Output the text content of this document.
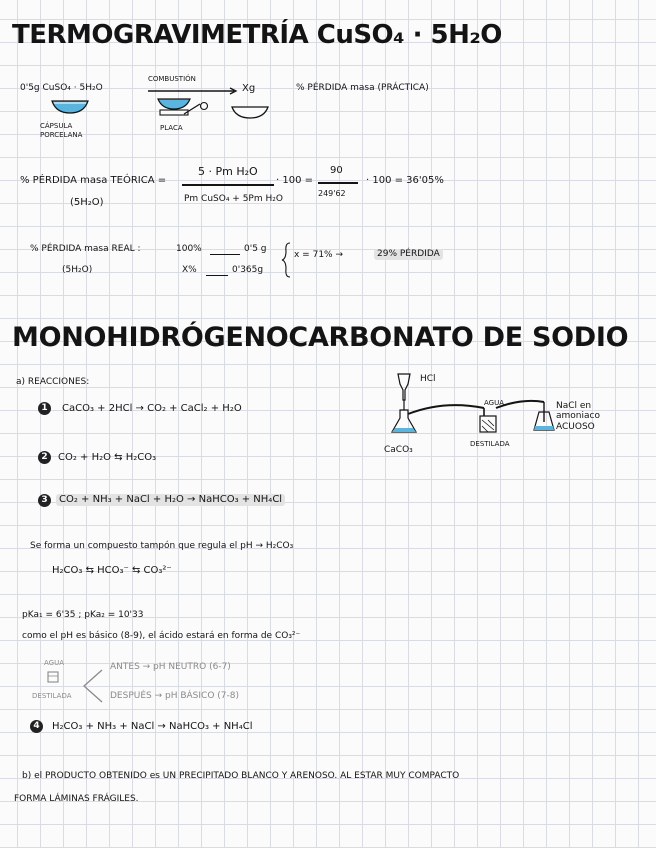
TERMOGRAVIMETRÍA CuSO₄ · 5H₂O
0'5g CuSO₄ · 5H₂O
COMBUSTIÓN
Xg	% PÉRDIDA masa (PRÁCTICA)
CÁPSULA PORCELANA
PLACA
% PÉRDIDA masa TEÓRICA =
(5H₂O)
5 · Pm H₂O
Pm CuSO₄ + 5Pm H₂O
· 100 =
90
249'62
· 100 = 36'05%
% PÉRDIDA masa REAL :
(5H₂O)
100%	0'5 g
X%	0'365g
x = 71% →	29% PÉRDIDA
MONOHIDRÓGENOCARBONATO DE SODIO
a) REACCIONES:
1	CaCO₃ + 2HCl → CO₂ + CaCl₂ + H₂O
2	CO₂ + H₂O ⇆ H₂CO₃
3	CO₂ + NH₃ + NaCl + H₂O → NaHCO₃ + NH₄Cl
HCl
CaCO₃
AGUA
DESTILADA
NaCl en amoniaco ACUOSO
Se forma un compuesto tampón que regula el pH → H₂CO₃
H₂CO₃ ⇆ HCO₃⁻ ⇆ CO₃²⁻
pKa₁ = 6'35 ; pKa₂ = 10'33
como el pH es básico (8-9), el ácido estará en forma de CO₃²⁻
AGUA
DESTILADA
ANTES → pH NEUTRO (6-7)
DESPUÉS → pH BÁSICO (7-8)
4	H₂CO₃ + NH₃ + NaCl → NaHCO₃ + NH₄Cl
b) el PRODUCTO OBTENIDO es UN PRECIPITADO BLANCO Y ARENOSO. AL ESTAR MUY COMPACTO
FORMA LÁMINAS FRÁGILES.
